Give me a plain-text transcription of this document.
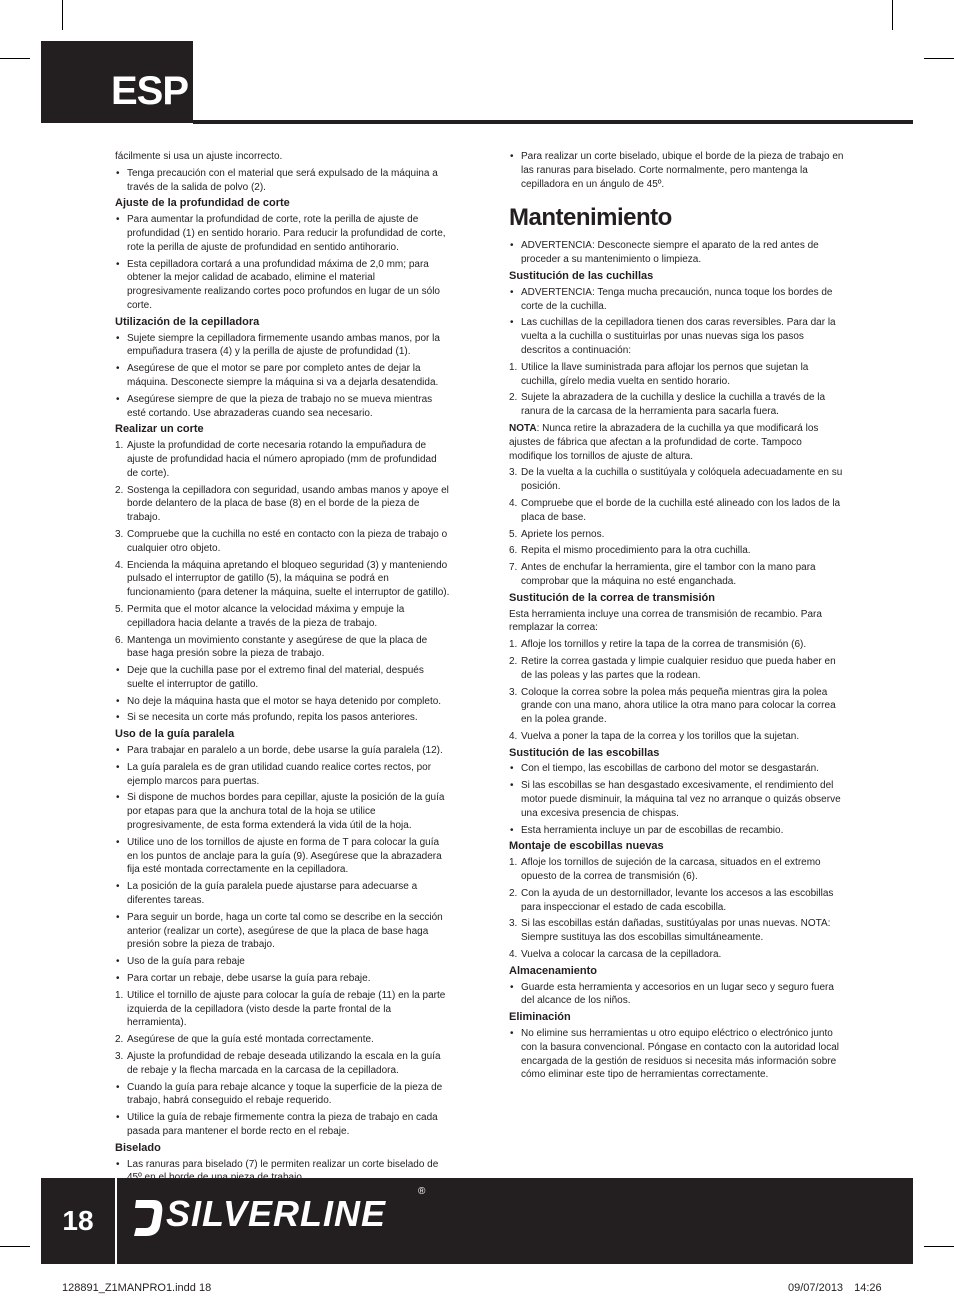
ESP

fácilmente si usa un ajuste incorrecto.

• Tenga precaución con el material que será expulsado de la máquina a través de la salida de polvo (2).

Ajuste de la profundidad de corte

• Para aumentar la profundidad de corte, rote la perilla de ajuste de profundidad (1) en sentido horario. Para reducir la profundidad de corte, rote la perilla de ajuste de profundidad en sentido antihorario.

• Esta cepilladora cortará a una profundidad máxima de 2,0 mm; para obtener la mejor calidad de acabado, elimine el material progresivamente realizando cortes poco profundos en lugar de un sólo corte.

Utilización de la cepilladora

• Sujete siempre la cepilladora firmemente usando ambas manos, por la empuñadura trasera (4) y la perilla de ajuste de profundidad (1).

• Asegúrese de que el motor se pare por completo antes de dejar la máquina. Desconecte siempre la máquina si va a dejarla desatendida.

• Asegúrese siempre de que la pieza de trabajo no se mueva mientras esté cortando. Use abrazaderas cuando sea necesario.

Realizar un corte

1. Ajuste la profundidad de corte necesaria rotando la empuñadura de ajuste de profundidad hacia el número apropiado (mm de profundidad de corte).

2. Sostenga la cepilladora con seguridad, usando ambas manos y apoye el borde delantero de la placa de base (8) en el borde de la pieza de trabajo.

3. Compruebe que la cuchilla no esté en contacto con la pieza de trabajo o cualquier otro objeto.

4. Encienda la máquina apretando el bloqueo seguridad (3) y manteniendo pulsado el interruptor de gatillo (5), la máquina se podrá en funcionamiento (para detener la máquina, suelte el interruptor de gatillo).

5. Permita que el motor alcance la velocidad máxima y empuje la cepilladora hacia delante a través de la pieza de trabajo.

6. Mantenga un movimiento constante y asegúrese de que la placa de base haga presión sobre la pieza de trabajo.

• Deje que la cuchilla pase por el extremo final del material, después suelte el interruptor de gatillo.

• No deje la máquina hasta que el motor se haya detenido por completo.

• Si se necesita un corte más profundo, repita los pasos anteriores.

Uso de la guía paralela

• Para trabajar en paralelo a un borde, debe usarse la guía paralela (12).

• La guía paralela es de gran utilidad cuando realice cortes rectos, por ejemplo marcos para puertas.

• Si dispone de muchos bordes para cepillar, ajuste la posición de la guía por etapas para que la anchura total de la hoja se utilice progresivamente, de esta forma extenderá la vida útil de la hoja.

• Utilice uno de los tornillos de ajuste en forma de T para colocar la guía en los puntos de anclaje para la guía (9). Asegúrese que la abrazadera fija esté montada correctamente en la cepilladora.

• La posición de la guía paralela puede ajustarse para adecuarse a diferentes tareas.

• Para seguir un borde, haga un corte tal como se describe en la sección anterior (realizar un corte), asegúrese de que la placa de base haga presión sobre la pieza de trabajo.

• Uso de la guía para rebaje

• Para cortar un rebaje, debe usarse la guía para rebaje.

1. Utilice el tornillo de ajuste para colocar la guía de rebaje (11) en la parte izquierda de la cepilladora (visto desde la parte frontal de la herramienta).

2. Asegúrese de que la guía esté montada correctamente.

3. Ajuste la profundidad de rebaje deseada utilizando la escala en la guía de rebaje y la flecha marcada en la carcasa de la cepilladora.

• Cuando la guía para rebaje alcance y toque la superficie de la pieza de trabajo, habrá conseguido el rebaje requerido.

• Utilice la guía de rebaje firmemente contra la pieza de trabajo en cada pasada para mantener el borde recto en el rebaje.

Biselado

• Las ranuras para biselado (7) le permiten realizar un corte biselado de

• Para realizar un corte biselado, ubique el borde de la pieza de trabajo en las ranuras para biselado. Corte normalmente, pero mantenga la cepilladora en un ángulo de 45º.

Mantenimiento

• ADVERTENCIA: Desconecte siempre el aparato de la red antes de proceder a su mantenimiento o limpieza.

Sustitución de las cuchillas

• ADVERTENCIA: Tenga mucha precaución, nunca toque los bordes de corte de la cuchilla.

• Las cuchillas de la cepilladora tienen dos caras reversibles. Para dar la vuelta a la cuchilla o sustituirlas por unas nuevas siga los pasos descritos a continuación:

1. Utilice la llave suministrada para aflojar los pernos que sujetan la cuchilla, gírelo media vuelta en sentido horario.

2. Sujete la abrazadera de la cuchilla y deslice la cuchilla a través de la ranura de la carcasa de la herramienta para sacarla fuera.

NOTA: Nunca retire la abrazadera de la cuchilla ya que modificará los ajustes de fábrica que afectan a la profundidad de corte. Tampoco modifique los tornillos de ajuste de altura.

3. De la vuelta a la cuchilla o sustitúyala y colóquela adecuadamente en su posición.

4. Compruebe que el borde de la cuchilla esté alineado con los lados de la placa de base.

5. Apriete los pernos.

6. Repita el mismo procedimiento para la otra cuchilla.

7. Antes de enchufar la herramienta, gire el tambor con la mano para comprobar que la máquina no esté enganchada.

Sustitución de la correa de transmisión

Esta herramienta incluye una correa de transmisión de recambio. Para remplazar la correa:

1. Afloje los tornillos y retire la tapa de la correa de transmisión (6).

2. Retire la correa gastada y limpie cualquier residuo que pueda haber en de las poleas y las partes que la rodean.

3. Coloque la correa sobre la polea más pequeña mientras gira la polea grande con una mano, ahora utilice la otra mano para colocar la correa en la polea grande.

4. Vuelva a poner la tapa de la correa y los torillos que la sujetan.

Sustitución de las escobillas

• Con el tiempo, las escobillas de carbono del motor se desgastarán.

• Si las escobillas se han desgastado excesivamente, el rendimiento del motor puede disminuir, la máquina tal vez no arranque o quizás observe una excesiva presencia de chispas.

• Esta herramienta incluye un par de escobillas de recambio.

Montaje de escobillas nuevas

1. Afloje los tornillos de sujeción de la carcasa, situados en el extremo opuesto de la correa de transmisión (6).

2. Con la ayuda de un destornillador, levante los accesos a las escobillas para inspeccionar el estado de cada escobilla.

3. Si las escobillas están dañadas, sustitúyalas por unas nuevas. NOTA: Siempre sustituya las dos escobillas simultáneamente.

4. Vuelva a colocar la carcasa de la cepilladora.

Almacenamiento

• Guarde esta herramienta y accesorios en un lugar seco y seguro fuera del alcance de los niños.

Eliminación

• No elimine sus herramientas u otro equipo eléctrico o electrónico junto con la basura convencional. Póngase en contacto con la autoridad local encargada de la gestión de residuos si necesita más información sobre cómo eliminar este tipo de herramientas correctamente.

18	SILVERLINE
®
128891_Z1MANPRO1.indd 18	09/07/2013 14:26
